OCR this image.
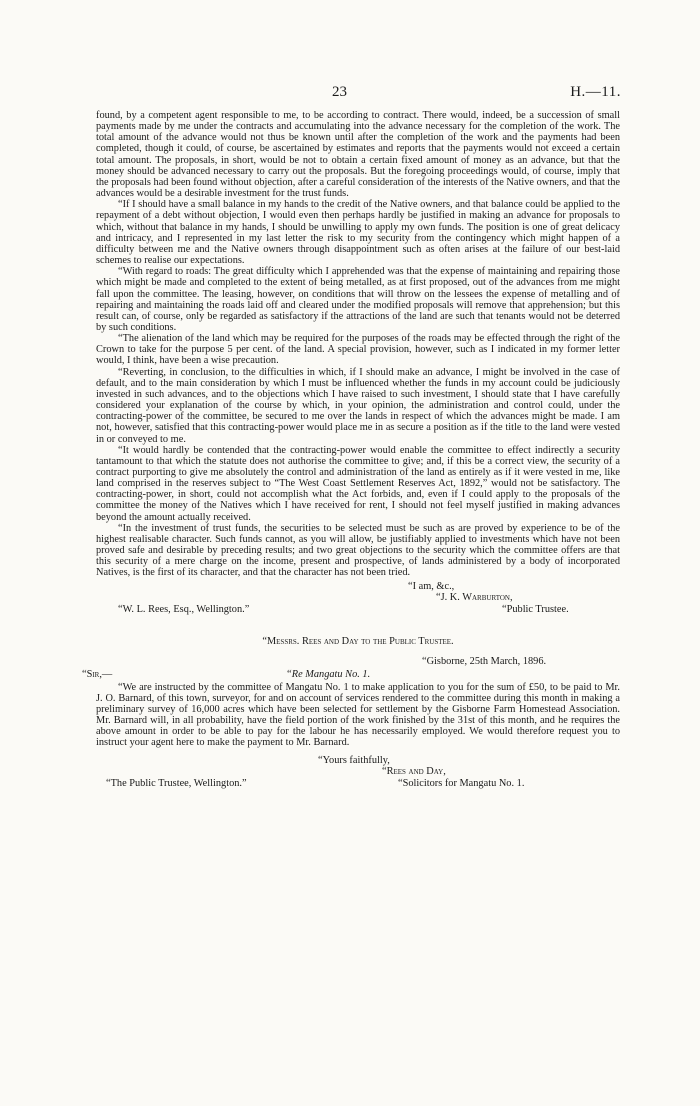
23	H.—11.

found, by a competent agent responsible to me, to be according to contract. There would, indeed, be a succession of small payments made by me under the contracts and accumulating into the advance necessary for the completion of the work. The total amount of the advance would not thus be known until after the completion of the work and the payments had been completed, though it could, of course, be ascertained by estimates and reports that the payments would not exceed a certain total amount. The proposals, in short, would be not to obtain a certain fixed amount of money as an advance, but that the money should be advanced necessary to carry out the proposals. But the foregoing proceedings would, of course, imply that the proposals had been found without objection, after a careful consideration of the interests of the Native owners, and that the advances would be a desirable investment for the trust funds.

“If I should have a small balance in my hands to the credit of the Native owners, and that balance could be applied to the repayment of a debt without objection, I would even then perhaps hardly be justified in making an advance for proposals to which, without that balance in my hands, I should be unwilling to apply my own funds. The position is one of great delicacy and intricacy, and I represented in my last letter the risk to my security from the contingency which might happen of a difficulty between me and the Native owners through disappointment such as often arises at the failure of our best-laid schemes to realise our expectations.

“With regard to roads: The great difficulty which I apprehended was that the expense of maintaining and repairing those which might be made and completed to the extent of being metalled, as at first proposed, out of the advances from me might fall upon the committee. The leasing, however, on conditions that will throw on the lessees the expense of metalling and of repairing and maintaining the roads laid off and cleared under the modified proposals will remove that apprehension; but this result can, of course, only be regarded as satisfactory if the attractions of the land are such that tenants would not be deterred by such conditions.

“The alienation of the land which may be required for the purposes of the roads may be effected through the right of the Crown to take for the purpose 5 per cent. of the land. A special provision, however, such as I indicated in my former letter would, I think, have been a wise precaution.

“Reverting, in conclusion, to the difficulties in which, if I should make an advance, I might be involved in the case of default, and to the main consideration by which I must be influenced whether the funds in my account could be judiciously invested in such advances, and to the objections which I have raised to such investment, I should state that I have carefully considered your explanation of the course by which, in your opinion, the administration and control could, under the contracting-power of the committee, be secured to me over the lands in respect of which the advances might be made. I am not, however, satisfied that this contracting-power would place me in as secure a position as if the title to the land were vested in or conveyed to me.

“It would hardly be contended that the contracting-power would enable the committee to effect indirectly a security tantamount to that which the statute does not authorise the committee to give; and, if this be a correct view, the security of a contract purporting to give me absolutely the control and administration of the land as entirely as if it were vested in me, like land comprised in the reserves subject to “The West Coast Settlement Reserves Act, 1892,” would not be satisfactory. The contracting-power, in short, could not accomplish what the Act forbids, and, even if I could apply to the proposals of the committee the money of the Natives which I have received for rent, I should not feel myself justified in making advances beyond the amount actually received.

“In the investment of trust funds, the securities to be selected must be such as are proved by experience to be of the highest realisable character. Such funds cannot, as you will allow, be justifiably applied to investments which have not been proved safe and desirable by preceding results; and two great objections to the security which the committee offers are that this security of a mere charge on the income, present and prospective, of lands administered by a body of incorporated Natives, is the first of its character, and that the character has not been tried.

“I am, &c.,
“J. K. Warburton,
“W. L. Rees, Esq., Wellington.”	“Public Trustee.
“Messrs. Rees and Day to the Public Trustee.
“Gisborne, 25th March, 1896.
“Sir,—	“Re Mangatu No. 1.

“We are instructed by the committee of Mangatu No. 1 to make application to you for the sum of £50, to be paid to Mr. J. O. Barnard, of this town, surveyor, for and on account of services rendered to the committee during this month in making a preliminary survey of 16,000 acres which have been selected for settlement by the Gisborne Farm Homestead Association. Mr. Barnard will, in all probability, have the field portion of the work finished by the 31st of this month, and he requires the above amount in order to be able to pay for the labour he has necessarily employed. We would therefore request you to instruct your agent here to make the payment to Mr. Barnard.

“Yours faithfully,
“Rees and Day,
“The Public Trustee, Wellington.”	“Solicitors for Mangatu No. 1.
